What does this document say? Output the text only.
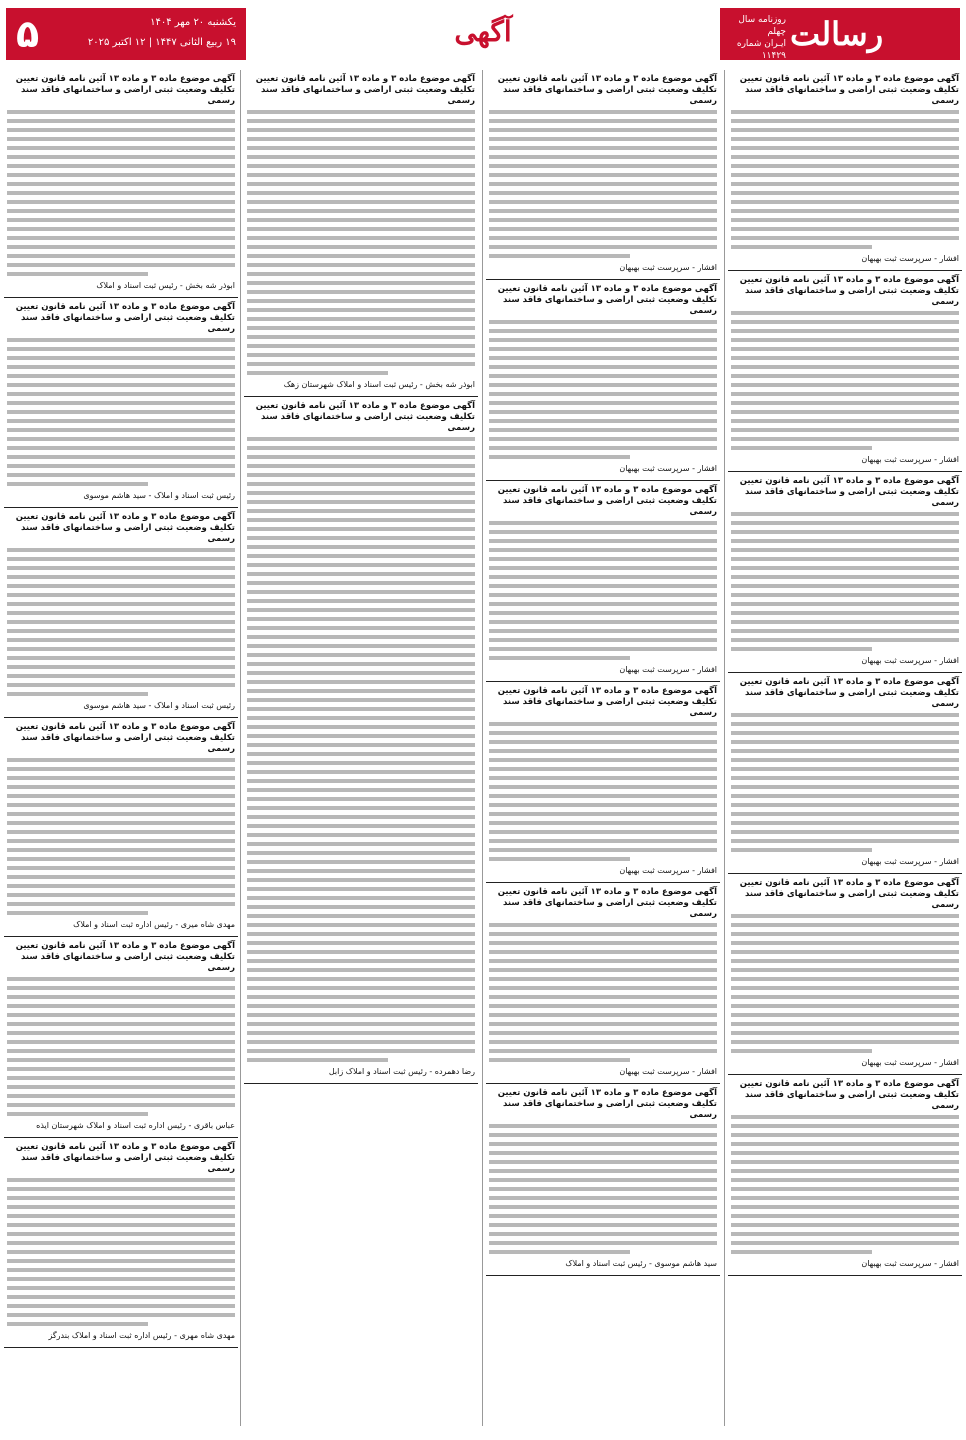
۵	یکشنبه ۲۰ مهر ۱۴۰۴
۱۹ ربیع الثانی ۱۴۴۷ | ۱۲ اکتبر ۲۰۲۵	آگهی	روزنامه سال چهلم
ایـران شماره ۱۱۴۲۹
رسالت
آگهی موضوع ماده ۳ و ماده ۱۳ آئین نامه قانون تعیین تکلیف وضعیت ثبتی اراضی و ساختمانهای فاقد سند رسمی
افشار - سرپرست ثبت بهبهان
آگهی موضوع ماده ۳ و ماده ۱۳ آئین نامه قانون تعیین تکلیف وضعیت ثبتی اراضی و ساختمانهای فاقد سند رسمی
افشار - سرپرست ثبت بهبهان
آگهی موضوع ماده ۳ و ماده ۱۳ آئین نامه قانون تعیین تکلیف وضعیت ثبتی اراضی و ساختمانهای فاقد سند رسمی
افشار - سرپرست ثبت بهبهان
آگهی موضوع ماده ۳ و ماده ۱۳ آئین نامه قانون تعیین تکلیف وضعیت ثبتی اراضی و ساختمانهای فاقد سند رسمی
افشار - سرپرست ثبت بهبهان
آگهی موضوع ماده ۳ و ماده ۱۳ آئین نامه قانون تعیین تکلیف وضعیت ثبتی اراضی و ساختمانهای فاقد سند رسمی
افشار - سرپرست ثبت بهبهان
آگهی موضوع ماده ۳ و ماده ۱۳ آئین نامه قانون تعیین تکلیف وضعیت ثبتی اراضی و ساختمانهای فاقد سند رسمی
افشار - سرپرست ثبت بهبهان
آگهی موضوع ماده ۳ و ماده ۱۳ آئین نامه قانون تعیین تکلیف وضعیت ثبتی اراضی و ساختمانهای فاقد سند رسمی
افشار - سرپرست ثبت بهبهان
آگهی موضوع ماده ۳ و ماده ۱۳ آئین نامه قانون تعیین تکلیف وضعیت ثبتی اراضی و ساختمانهای فاقد سند رسمی
افشار - سرپرست ثبت بهبهان
آگهی موضوع ماده ۳ و ماده ۱۳ آئین نامه قانون تعیین تکلیف وضعیت ثبتی اراضی و ساختمانهای فاقد سند رسمی
افشار - سرپرست ثبت بهبهان
آگهی موضوع ماده ۳ و ماده ۱۳ آئین نامه قانون تعیین تکلیف وضعیت ثبتی اراضی و ساختمانهای فاقد سند رسمی
افشار - سرپرست ثبت بهبهان
آگهی موضوع ماده ۳ و ماده ۱۳ آئین نامه قانون تعیین تکلیف وضعیت ثبتی اراضی و ساختمانهای فاقد سند رسمی
افشار - سرپرست ثبت بهبهان
آگهی موضوع ماده ۳ و ماده ۱۳ آئین نامه قانون تعیین تکلیف وضعیت ثبتی اراضی و ساختمانهای فاقد سند رسمی
سید هاشم موسوی - رئیس ثبت اسناد و املاک
آگهی موضوع ماده ۳ و ماده ۱۳ آئین نامه قانون تعیین تکلیف وضعیت ثبتی اراضی و ساختمانهای فاقد سند رسمی
ابوذر شه بخش - رئیس ثبت اسناد و املاک شهرستان زهک
آگهی موضوع ماده ۳ و ماده ۱۳ آئین نامه قانون تعیین تکلیف وضعیت ثبتی اراضی و ساختمانهای فاقد سند رسمی
رضا دهمرده - رئیس ثبت اسناد و املاک زابل
آگهی موضوع ماده ۳ و ماده ۱۳ آئین نامه قانون تعیین تکلیف وضعیت ثبتی اراضی و ساختمانهای فاقد سند رسمی
ابوذر شه بخش - رئیس ثبت اسناد و املاک
آگهی موضوع ماده ۳ و ماده ۱۳ آئین نامه قانون تعیین تکلیف وضعیت ثبتی اراضی و ساختمانهای فاقد سند رسمی
رئیس ثبت اسناد و املاک - سید هاشم موسوی
آگهی موضوع ماده ۳ و ماده ۱۳ آئین نامه قانون تعیین تکلیف وضعیت ثبتی اراضی و ساختمانهای فاقد سند رسمی
رئیس ثبت اسناد و املاک - سید هاشم موسوی
آگهی موضوع ماده ۳ و ماده ۱۳ آئین نامه قانون تعیین تکلیف وضعیت ثبتی اراضی و ساختمانهای فاقد سند رسمی
مهدی شاه میری - رئیس اداره ثبت اسناد و املاک
آگهی موضوع ماده ۳ و ماده ۱۳ آئین نامه قانون تعیین تکلیف وضعیت ثبتی اراضی و ساختمانهای فاقد سند رسمی
عباس باقری - رئیس اداره ثبت اسناد و املاک شهرستان ایذه
آگهی موضوع ماده ۳ و ماده ۱۳ آئین نامه قانون تعیین تکلیف وضعیت ثبتی اراضی و ساختمانهای فاقد سند رسمی
مهدی شاه مهری - رئیس اداره ثبت اسناد و املاک بندرگز
